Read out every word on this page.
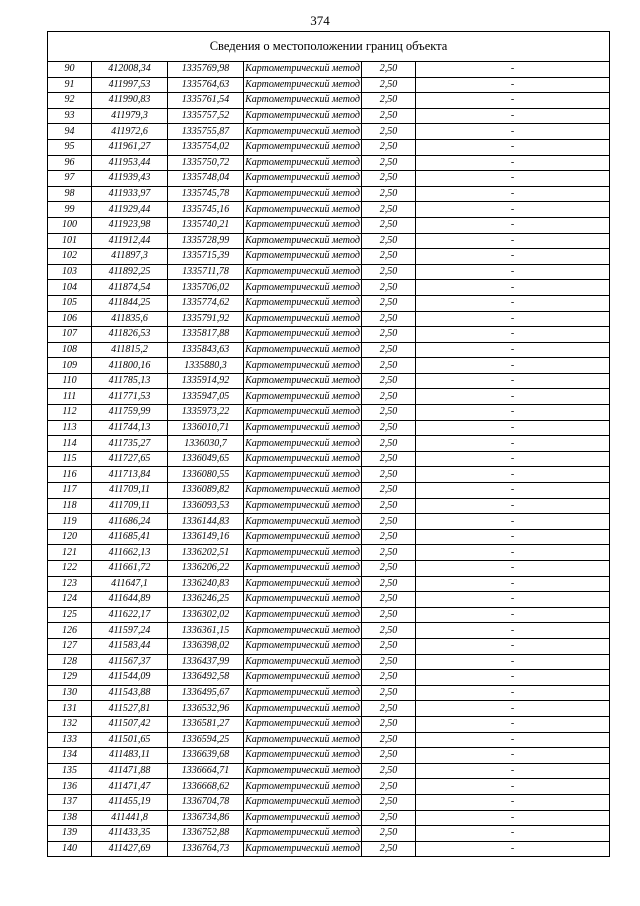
374
Сведения о местоположении границ объекта					
90	412008,34	1335769,98	Картометрический метод	2,50	-
91	411997,53	1335764,63	Картометрический метод	2,50	-
92	411990,83	1335761,54	Картометрический метод	2,50	-
93	411979,3	1335757,52	Картометрический метод	2,50	-
94	411972,6	1335755,87	Картометрический метод	2,50	-
95	411961,27	1335754,02	Картометрический метод	2,50	-
96	411953,44	1335750,72	Картометрический метод	2,50	-
97	411939,43	1335748,04	Картометрический метод	2,50	-
98	411933,97	1335745,78	Картометрический метод	2,50	-
99	411929,44	1335745,16	Картометрический метод	2,50	-
100	411923,98	1335740,21	Картометрический метод	2,50	-
101	411912,44	1335728,99	Картометрический метод	2,50	-
102	411897,3	1335715,39	Картометрический метод	2,50	-
103	411892,25	1335711,78	Картометрический метод	2,50	-
104	411874,54	1335706,02	Картометрический метод	2,50	-
105	411844,25	1335774,62	Картометрический метод	2,50	-
106	411835,6	1335791,92	Картометрический метод	2,50	-
107	411826,53	1335817,88	Картометрический метод	2,50	-
108	411815,2	1335843,63	Картометрический метод	2,50	-
109	411800,16	1335880,3	Картометрический метод	2,50	-
110	411785,13	1335914,92	Картометрический метод	2,50	-
111	411771,53	1335947,05	Картометрический метод	2,50	-
112	411759,99	1335973,22	Картометрический метод	2,50	-
113	411744,13	1336010,71	Картометрический метод	2,50	-
114	411735,27	1336030,7	Картометрический метод	2,50	-
115	411727,65	1336049,65	Картометрический метод	2,50	-
116	411713,84	1336080,55	Картометрический метод	2,50	-
117	411709,11	1336089,82	Картометрический метод	2,50	-
118	411709,11	1336093,53	Картометрический метод	2,50	-
119	411686,24	1336144,83	Картометрический метод	2,50	-
120	411685,41	1336149,16	Картометрический метод	2,50	-
121	411662,13	1336202,51	Картометрический метод	2,50	-
122	411661,72	1336206,22	Картометрический метод	2,50	-
123	411647,1	1336240,83	Картометрический метод	2,50	-
124	411644,89	1336246,25	Картометрический метод	2,50	-
125	411622,17	1336302,02	Картометрический метод	2,50	-
126	411597,24	1336361,15	Картометрический метод	2,50	-
127	411583,44	1336398,02	Картометрический метод	2,50	-
128	411567,37	1336437,99	Картометрический метод	2,50	-
129	411544,09	1336492,58	Картометрический метод	2,50	-
130	411543,88	1336495,67	Картометрический метод	2,50	-
131	411527,81	1336532,96	Картометрический метод	2,50	-
132	411507,42	1336581,27	Картометрический метод	2,50	-
133	411501,65	1336594,25	Картометрический метод	2,50	-
134	411483,11	1336639,68	Картометрический метод	2,50	-
135	411471,88	1336664,71	Картометрический метод	2,50	-
136	411471,47	1336668,62	Картометрический метод	2,50	-
137	411455,19	1336704,78	Картометрический метод	2,50	-
138	411441,8	1336734,86	Картометрический метод	2,50	-
139	411433,35	1336752,88	Картометрический метод	2,50	-
140	411427,69	1336764,73	Картометрический метод	2,50	-
